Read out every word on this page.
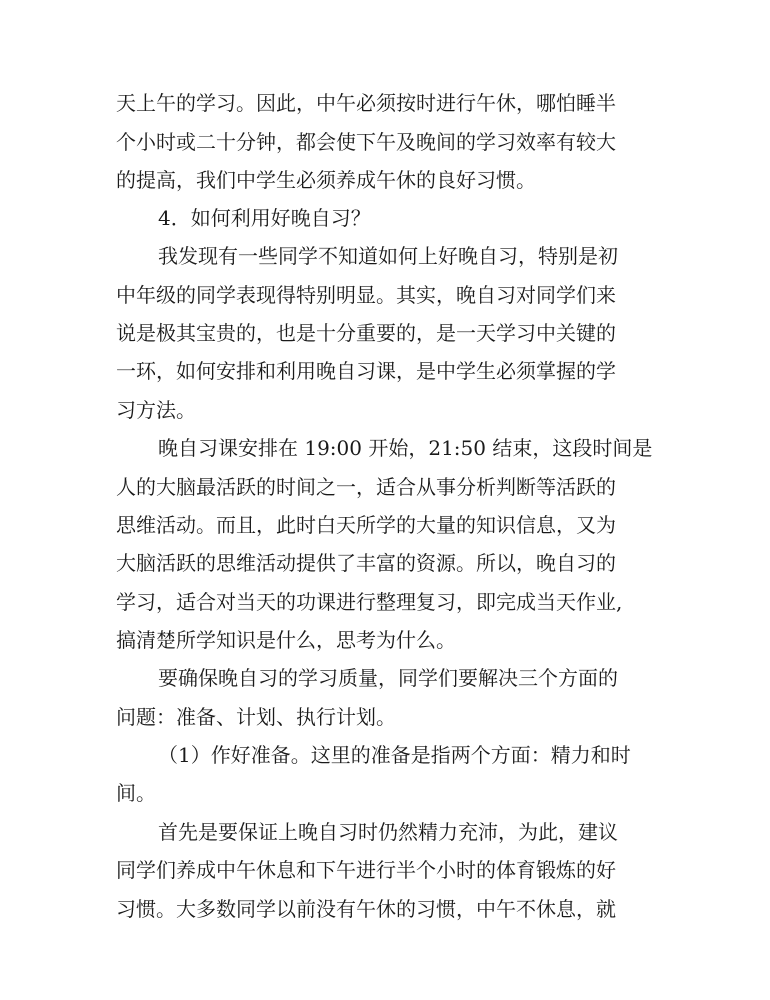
天上午的学习。因此，中午必须按时进行午休，哪怕睡半
个小时或二十分钟，都会使下午及晚间的学习效率有较大
的提高，我们中学生必须养成午休的良好习惯。
4．如何利用好晚自习？
我发现有一些同学不知道如何上好晚自习，特别是初
中年级的同学表现得特别明显。其实，晚自习对同学们来
说是极其宝贵的，也是十分重要的，是一天学习中关键的
一环，如何安排和利用晚自习课，是中学生必须掌握的学
习方法。
晚自习课安排在 19:00 开始，21:50 结束，这段时间是
人的大脑最活跃的时间之一，适合从事分析判断等活跃的
思维活动。而且，此时白天所学的大量的知识信息，又为
大脑活跃的思维活动提供了丰富的资源。所以，晚自习的
学习，适合对当天的功课进行整理复习，即完成当天作业,
搞清楚所学知识是什么，思考为什么。
要确保晚自习的学习质量，同学们要解决三个方面的
问题：准备、计划、执行计划。
（1）作好准备。这里的准备是指两个方面：精力和时
间。
首先是要保证上晚自习时仍然精力充沛，为此，建议
同学们养成中午休息和下午进行半个小时的体育锻炼的好
习惯。大多数同学以前没有午休的习惯，中午不休息，就
